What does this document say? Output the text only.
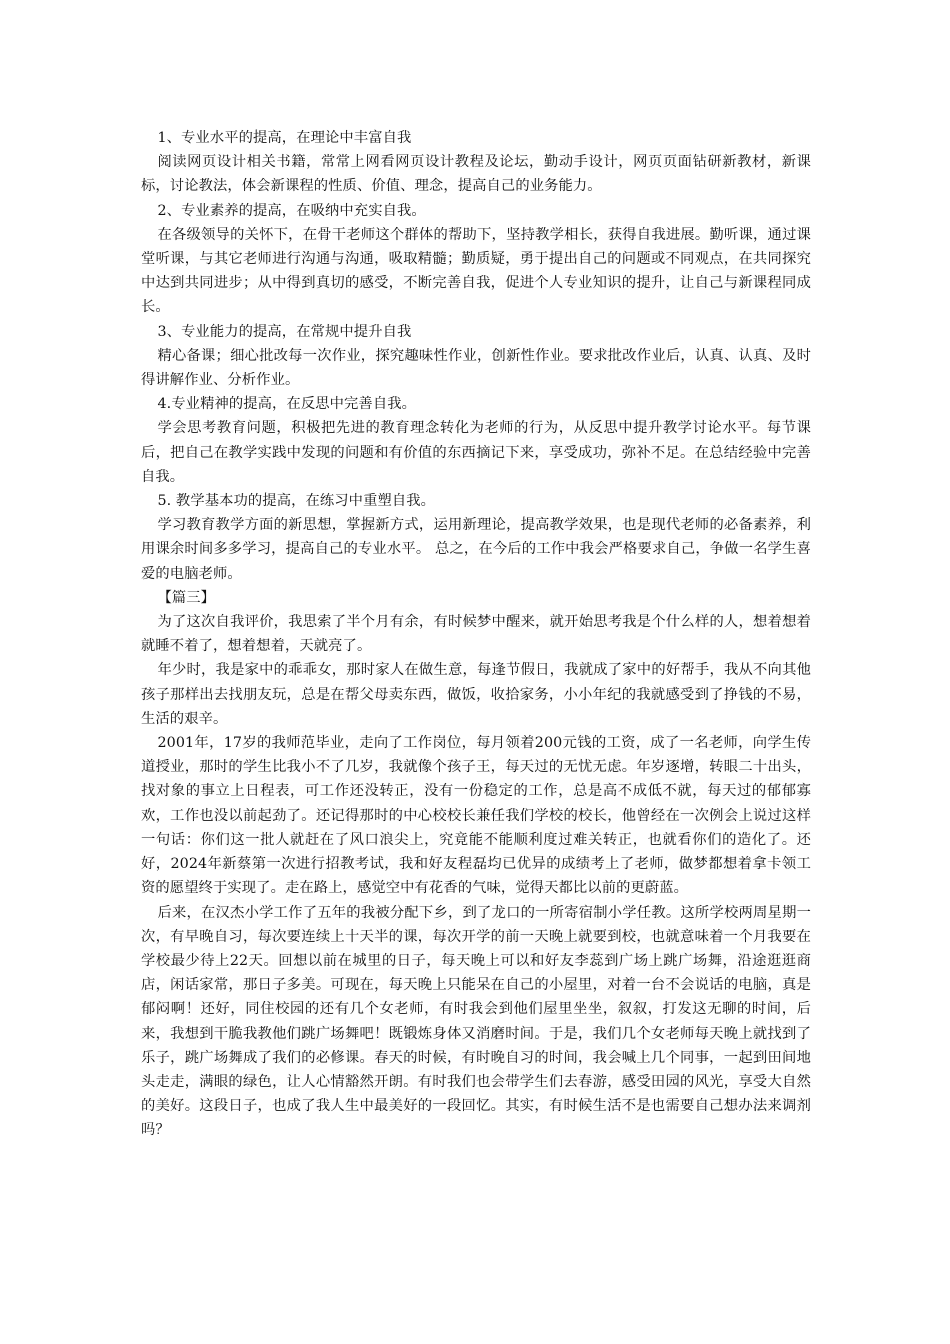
1、专业水平的提高，在理论中丰富自我

阅读网页设计相关书籍，常常上网看网页设计教程及论坛，勤动手设计，网页页面钻研新教材，新课标，讨论教法，体会新课程的性质、价值、理念，提高自己的业务能力。

2、专业素养的提高，在吸纳中充实自我。

在各级领导的关怀下，在骨干老师这个群体的帮助下，坚持教学相长，获得自我进展。勤听课，通过课堂听课，与其它老师进行沟通与沟通，吸取精髓；勤质疑，勇于提出自己的问题或不同观点，在共同探究中达到共同进步；从中得到真切的感受，不断完善自我，促进个人专业知识的提升，让自己与新课程同成长。

3、专业能力的提高，在常规中提升自我

精心备课；细心批改每一次作业，探究趣味性作业，创新性作业。要求批改作业后，认真、认真、及时得讲解作业、分析作业。

4.专业精神的提高，在反思中完善自我。

学会思考教育问题，积极把先进的教育理念转化为老师的行为，从反思中提升教学讨论水平。每节课后，把自己在教学实践中发现的问题和有价值的东西摘记下来，享受成功，弥补不足。在总结经验中完善自我。

5. 教学基本功的提高，在练习中重塑自我。

学习教育教学方面的新思想，掌握新方式，运用新理论，提高教学效果，也是现代老师的必备素养，利用课余时间多多学习，提高自己的专业水平。 总之，在今后的工作中我会严格要求自己，争做一名学生喜爱的电脑老师。

【篇三】

为了这次自我评价，我思索了半个月有余，有时候梦中醒来，就开始思考我是个什么样的人，想着想着就睡不着了，想着想着，天就亮了。

年少时，我是家中的乖乖女，那时家人在做生意，每逢节假日，我就成了家中的好帮手，我从不向其他孩子那样出去找朋友玩，总是在帮父母卖东西，做饭，收拾家务，小小年纪的我就感受到了挣钱的不易，生活的艰辛。

2001年，17岁的我师范毕业，走向了工作岗位，每月领着200元钱的工资，成了一名老师，向学生传道授业，那时的学生比我小不了几岁，我就像个孩子王，每天过的无忧无虑。年岁逐增，转眼二十出头，找对象的事立上日程表，可工作还没转正，没有一份稳定的工作，总是高不成低不就，每天过的郁郁寡欢，工作也没以前起劲了。还记得那时的中心校校长兼任我们学校的校长，他曾经在一次例会上说过这样一句话：你们这一批人就赶在了风口浪尖上，究竟能不能顺利度过难关转正，也就看你们的造化了。还好，2024年新蔡第一次进行招教考试，我和好友程磊均已优异的成绩考上了老师，做梦都想着拿卡领工资的愿望终于实现了。走在路上，感觉空中有花香的气味，觉得天都比以前的更蔚蓝。

后来，在汉杰小学工作了五年的我被分配下乡，到了龙口的一所寄宿制小学任教。这所学校两周星期一次，有早晚自习，每次要连续上十天半的课，每次开学的前一天晚上就要到校，也就意味着一个月我要在学校最少待上22天。回想以前在城里的日子，每天晚上可以和好友李蕊到广场上跳广场舞，沿途逛逛商店，闲话家常，那日子多美。可现在，每天晚上只能呆在自己的小屋里，对着一台不会说话的电脑，真是郁闷啊！还好，同住校园的还有几个女老师，有时我会到他们屋里坐坐，叙叙，打发这无聊的时间，后来，我想到干脆我教他们跳广场舞吧！既锻炼身体又消磨时间。于是，我们几个女老师每天晚上就找到了乐子，跳广场舞成了我们的必修课。春天的时候，有时晚自习的时间，我会喊上几个同事，一起到田间地头走走，满眼的绿色，让人心情豁然开朗。有时我们也会带学生们去春游，感受田园的风光，享受大自然的美好。这段日子，也成了我人生中最美好的一段回忆。其实，有时候生活不是也需要自己想办法来调剂吗？
